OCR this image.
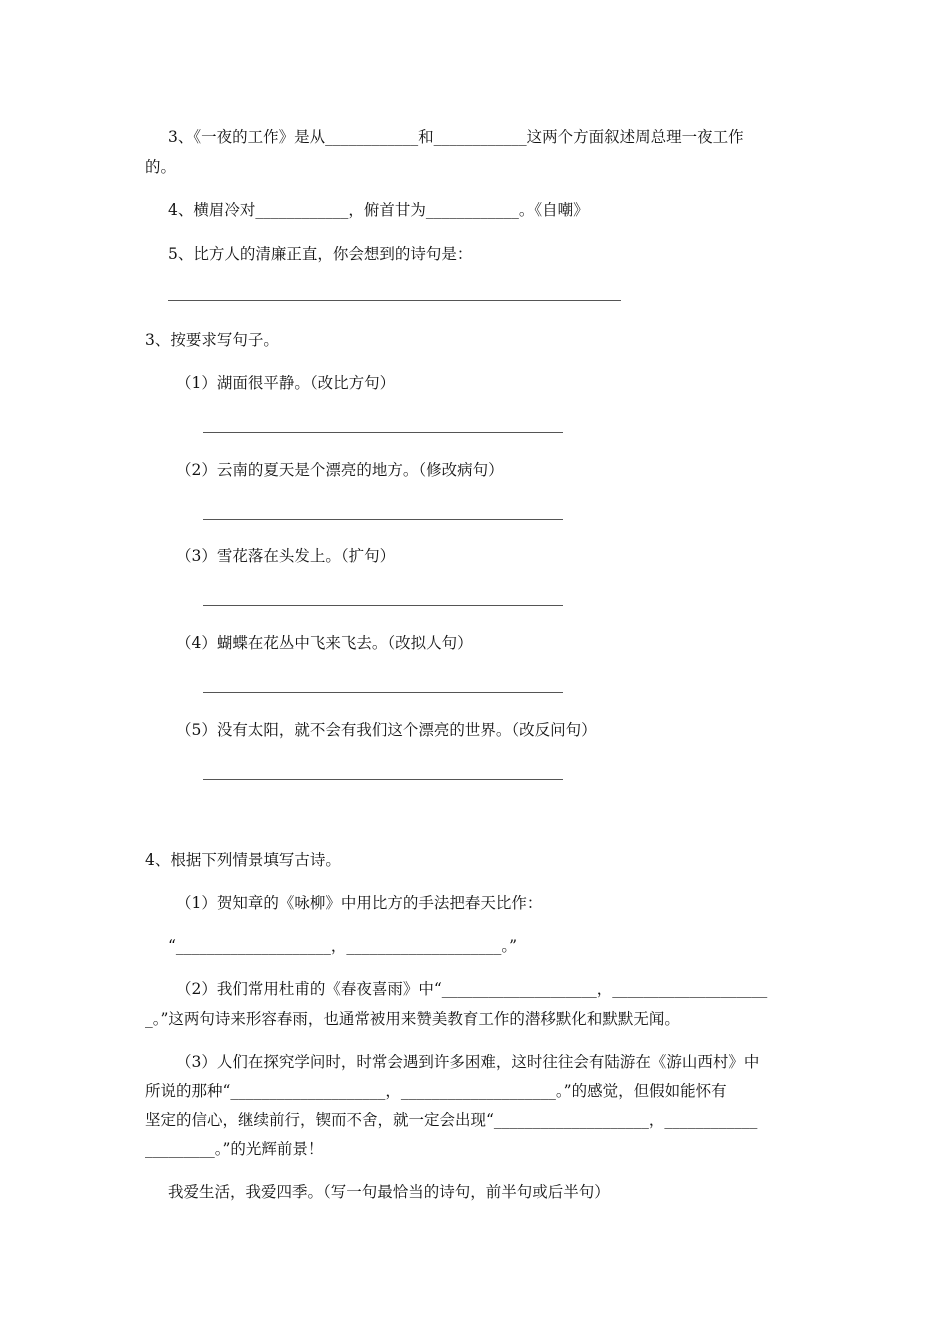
3、《一夜的工作》是从____________和____________这两个方面叙述周总理一夜工作
的。
4、横眉冷对____________，俯首甘为____________。《自嘲》
5、比方人的清廉正直，你会想到的诗句是：
3、按要求写句子。
（1）湖面很平静。（改比方句）
（2）云南的夏天是个漂亮的地方。（修改病句）
（3）雪花落在头发上。（扩句）
（4）蝴蝶在花丛中飞来飞去。（改拟人句）
（5）没有太阳，就不会有我们这个漂亮的世界。（改反问句）
4、根据下列情景填写古诗。
（1）贺知章的《咏柳》中用比方的手法把春天比作：
“____________________，____________________。”
（2）我们常用杜甫的《春夜喜雨》中“____________________，____________________
_。”这两句诗来形容春雨，也通常被用来赞美教育工作的潜移默化和默默无闻。
（3）人们在探究学问时，时常会遇到许多困难，这时往往会有陆游在《游山西村》中
所说的那种“____________________，____________________。”的感觉，但假如能怀有
坚定的信心，继续前行，锲而不舍，就一定会出现“____________________，____________
_________。”的光辉前景！
我爱生活，我爱四季。（写一句最恰当的诗句，前半句或后半句）
